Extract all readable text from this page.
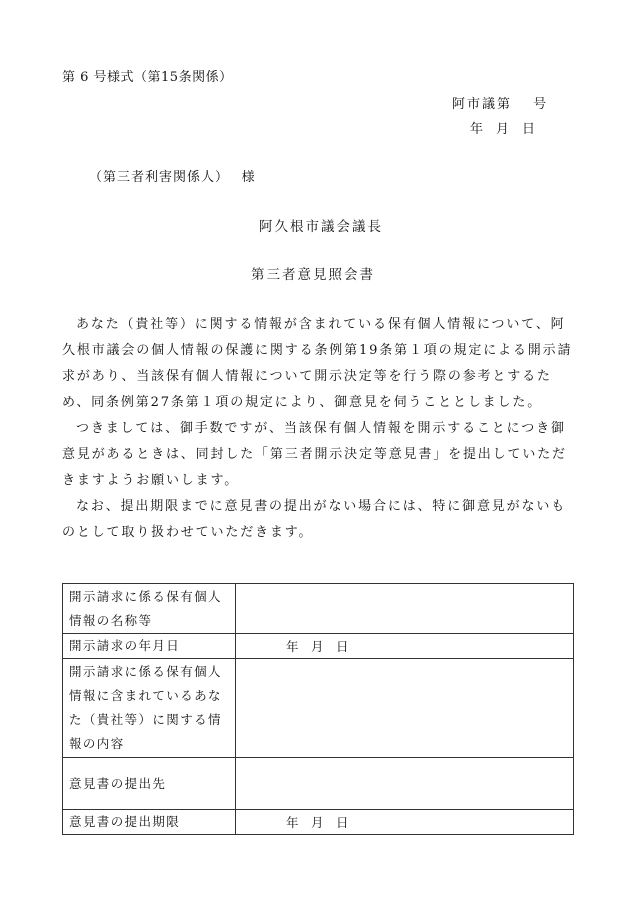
第 6 号様式（第15条関係）
阿市議第　 号
年　月　日
（第三者利害関係人）　 様
阿久根市議会議長
第三者意見照会書

あなた（貴社等）に関する情報が含まれている保有個人情報について、阿久根市議会の個人情報の保護に関する条例第19条第１項の規定による開示請求があり、当該保有個人情報について開示決定等を行う際の参考とするため、同条例第27条第１項の規定により、御意見を伺うこととしました。

つきましては、御手数ですが、当該保有個人情報を開示することにつき御意見があるときは、同封した「第三者開示決定等意見書」を提出していただきますようお願いします。

なお、提出期限までに意見書の提出がない場合には、特に御意見がないものとして取り扱わせていただきます。

開示請求に係る保有個人情報の名称等	
開示請求の年月日	年　月　日
開示請求に係る保有個人情報に含まれているあなた（貴社等）に関する情報の内容	
意見書の提出先	
意見書の提出期限	年　月　日
